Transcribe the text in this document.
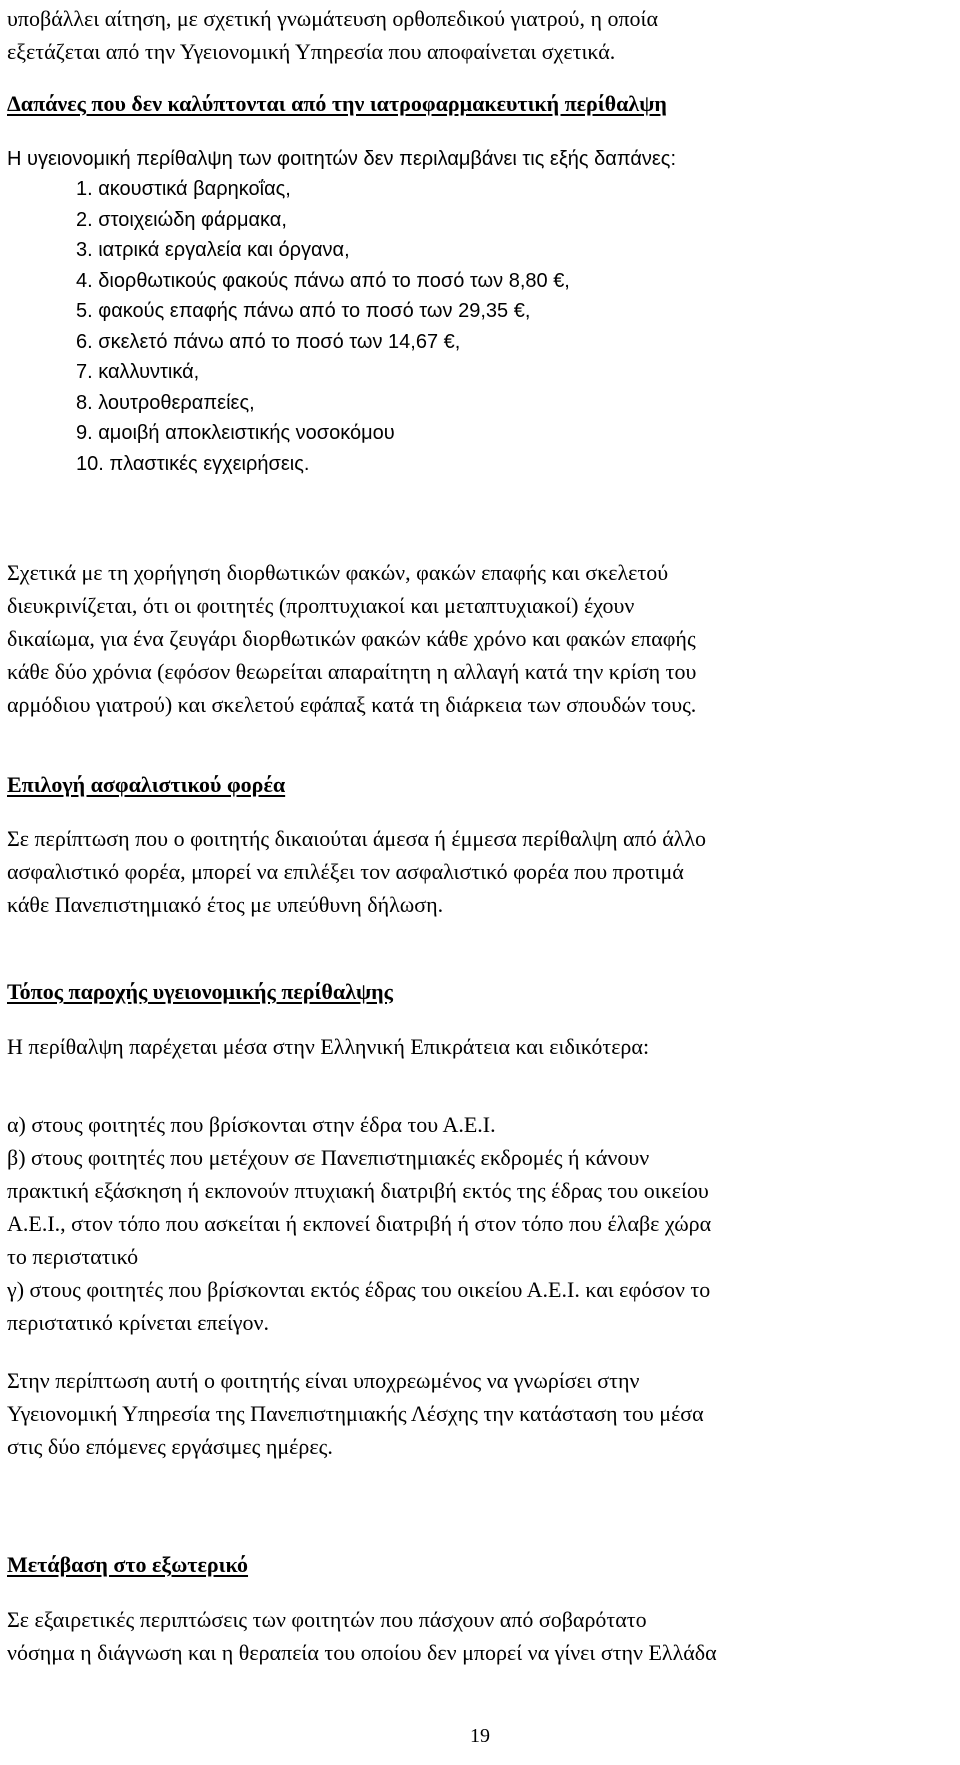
υποβάλλει αίτηση, με σχετική γνωμάτευση ορθοπεδικού γιατρού, η οποία
εξετάζεται από την Υγειονομική Υπηρεσία που αποφαίνεται σχετικά.
Δαπάνες που δεν καλύπτονται από την ιατροφαρμακευτική περίθαλψη
Η υγειονομική περίθαλψη των φοιτητών δεν περιλαμβάνει τις εξής δαπάνες:
1. ακουστικά βαρηκοΐας,
2. στοιχειώδη φάρμακα,
3. ιατρικά εργαλεία και όργανα,
4. διορθωτικούς φακούς πάνω από το ποσό των 8,80 €,
5. φακούς επαφής πάνω από το ποσό των 29,35 €,
6. σκελετό πάνω από το ποσό των 14,67 €,
7. καλλυντικά,
8. λουτροθεραπείες,
9. αμοιβή αποκλειστικής νοσοκόμου
10. πλαστικές εγχειρήσεις.
Σχετικά με τη χορήγηση διορθωτικών φακών, φακών επαφής και σκελετού
διευκρινίζεται, ότι οι φοιτητές (προπτυχιακοί και μεταπτυχιακοί) έχουν
δικαίωμα, για ένα ζευγάρι διορθωτικών φακών κάθε χρόνο και φακών επαφής
κάθε δύο χρόνια (εφόσον θεωρείται απαραίτητη η αλλαγή κατά την κρίση του
αρμόδιου γιατρού) και σκελετού εφάπαξ κατά τη διάρκεια των σπουδών τους.
Επιλογή ασφαλιστικού φορέα
Σε περίπτωση που ο φοιτητής δικαιούται άμεσα ή έμμεσα περίθαλψη από άλλο
ασφαλιστικό φορέα, μπορεί να επιλέξει τον ασφαλιστικό φορέα που προτιμά
κάθε Πανεπιστημιακό έτος με υπεύθυνη δήλωση.
Τόπος παροχής υγειονομικής περίθαλψης
Η περίθαλψη παρέχεται μέσα στην Ελληνική Επικράτεια και ειδικότερα:
α) στους φοιτητές που βρίσκονται στην έδρα του Α.Ε.Ι.
β) στους φοιτητές που μετέχουν σε Πανεπιστημιακές εκδρομές ή κάνουν
πρακτική εξάσκηση ή εκπονούν πτυχιακή διατριβή εκτός της έδρας του οικείου
Α.Ε.Ι., στον τόπο που ασκείται ή εκπονεί διατριβή ή στον τόπο που έλαβε χώρα
το περιστατικό
γ) στους φοιτητές που βρίσκονται εκτός έδρας του οικείου Α.Ε.Ι. και εφόσον το
περιστατικό κρίνεται επείγον.
Στην περίπτωση αυτή ο φοιτητής είναι υποχρεωμένος να γνωρίσει στην
Υγειονομική Υπηρεσία της Πανεπιστημιακής Λέσχης την κατάσταση του μέσα
στις δύο επόμενες εργάσιμες ημέρες.
Μετάβαση στο εξωτερικό
Σε εξαιρετικές περιπτώσεις των φοιτητών που πάσχουν από σοβαρότατο
νόσημα η διάγνωση και η θεραπεία του οποίου δεν μπορεί να γίνει στην Ελλάδα
19
